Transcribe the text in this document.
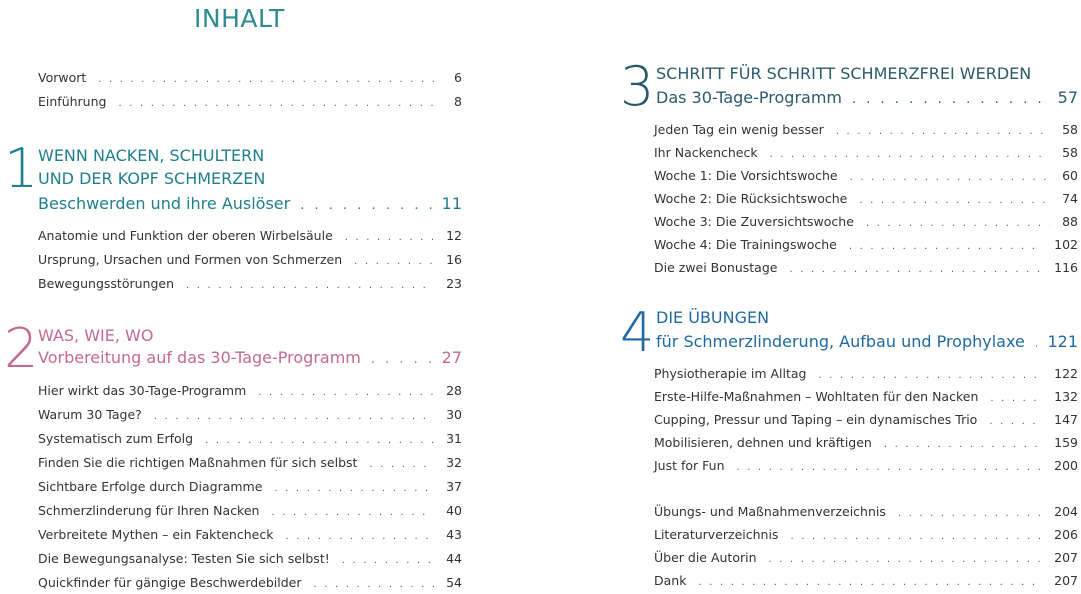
INHALT
Vorwort . . .	6
Einführung . . .	8
1 WENN NACKEN, SCHULTERN
UND DER KOPF SCHMERZEN
Beschwerden und ihre Auslöser . . .	11
Anatomie und Funktion der oberen Wirbelsäule . . .	12
Ursprung, Ursachen und Formen von Schmerzen . . .	16
Bewegungsstörungen . . .	23
2 WAS, WIE, WO
Vorbereitung auf das 30-Tage-Programm . . .	27
Hier wirkt das 30-Tage-Programm . . .	28
Warum 30 Tage? . . .	30
Systematisch zum Erfolg . . .	31
Finden Sie die richtigen Maßnahmen für sich selbst . . .	32
Sichtbare Erfolge durch Diagramme . . .	37
Schmerzlinderung für Ihren Nacken . . .	40
Verbreitete Mythen – ein Faktencheck . . .	43
Die Bewegungsanalyse: Testen Sie sich selbst! . . .	44
Quickfinder für gängige Beschwerdebilder . . .	54
3 SCHRITT FÜR SCHRITT SCHMERZFREI WERDEN
Das 30-Tage-Programm . . .	57
Jeden Tag ein wenig besser . . .	58
Ihr Nackencheck . . .	58
Woche 1: Die Vorsichtswoche . . .	60
Woche 2: Die Rücksichtswoche . . .	74
Woche 3: Die Zuversichtswoche . . .	88
Woche 4: Die Trainingswoche . . .	102
Die zwei Bonustage . . .	116
4 DIE ÜBUNGEN
für Schmerzlinderung, Aufbau und Prophylaxe . . . 121
Physiotherapie im Alltag . . .	122
Erste-Hilfe-Maßnahmen – Wohltaten für den Nacken . . .	132
Cupping, Pressur und Taping – ein dynamisches Trio . . .	147
Mobilisieren, dehnen und kräftigen . . .	159
Just for Fun . . .	200
Übungs- und Maßnahmenverzeichnis . . .	204
Literaturverzeichnis . . .	206
Über die Autorin . . .	207
Dank . . .	207
